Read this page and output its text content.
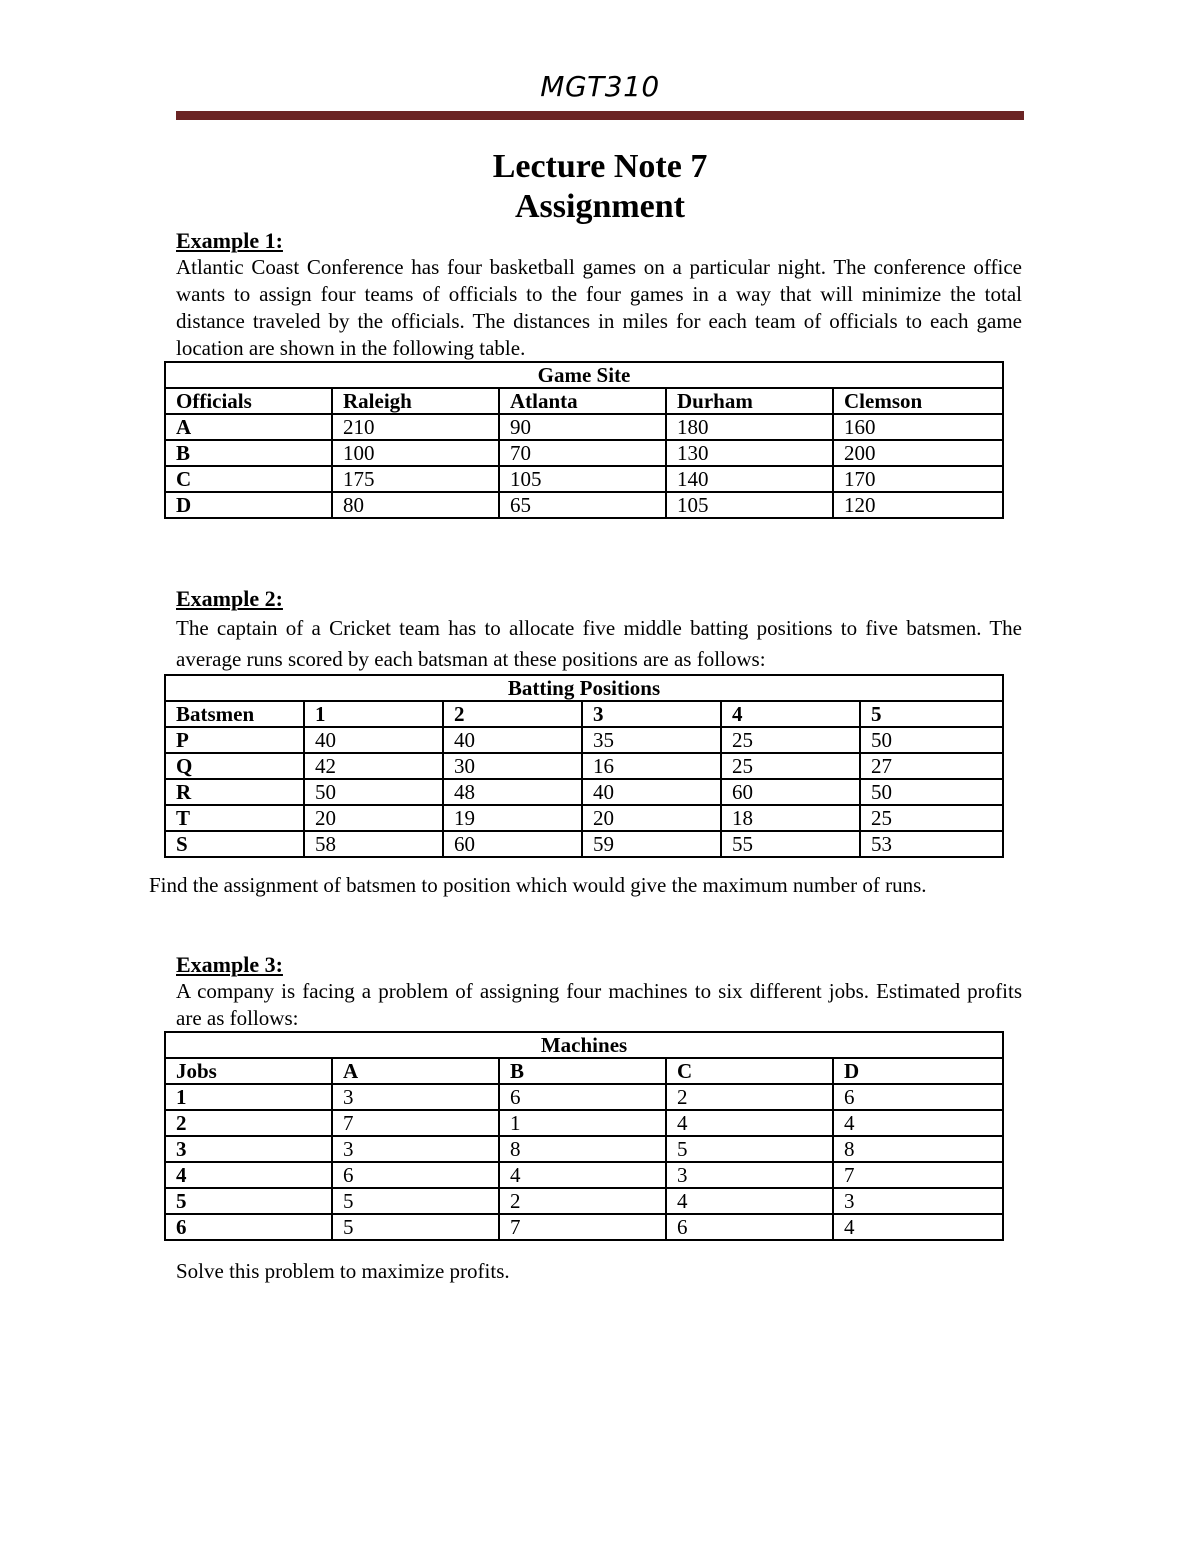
MGT310
Lecture Note 7
Assignment
Example 1:
Atlantic Coast Conference has four basketball games on a particular night. The conference office wants to assign four teams of officials to the four games in a way that will minimize the total distance traveled by the officials. The distances in miles for each team of officials to each game location are shown in the following table.
Game Site				
Officials	Raleigh	Atlanta	Durham	Clemson
A	210	90	180	160
B	100	70	130	200
C	175	105	140	170
D	80	65	105	120
Example 2:
The captain of a Cricket team has to allocate five middle batting positions to five batsmen. The average runs scored by each batsman at these positions are as follows:
Batting Positions					
Batsmen	1	2	3	4	5
P	40	40	35	25	50
Q	42	30	16	25	27
R	50	48	40	60	50
T	20	19	20	18	25
S	58	60	59	55	53
Find the assignment of batsmen to position which would give the maximum number of runs.
Example 3:
A company is facing a problem of assigning four machines to six different jobs. Estimated profits are as follows:
Machines				
Jobs	A	B	C	D
1	3	6	2	6
2	7	1	4	4
3	3	8	5	8
4	6	4	3	7
5	5	2	4	3
6	5	7	6	4
Solve this problem to maximize profits.
